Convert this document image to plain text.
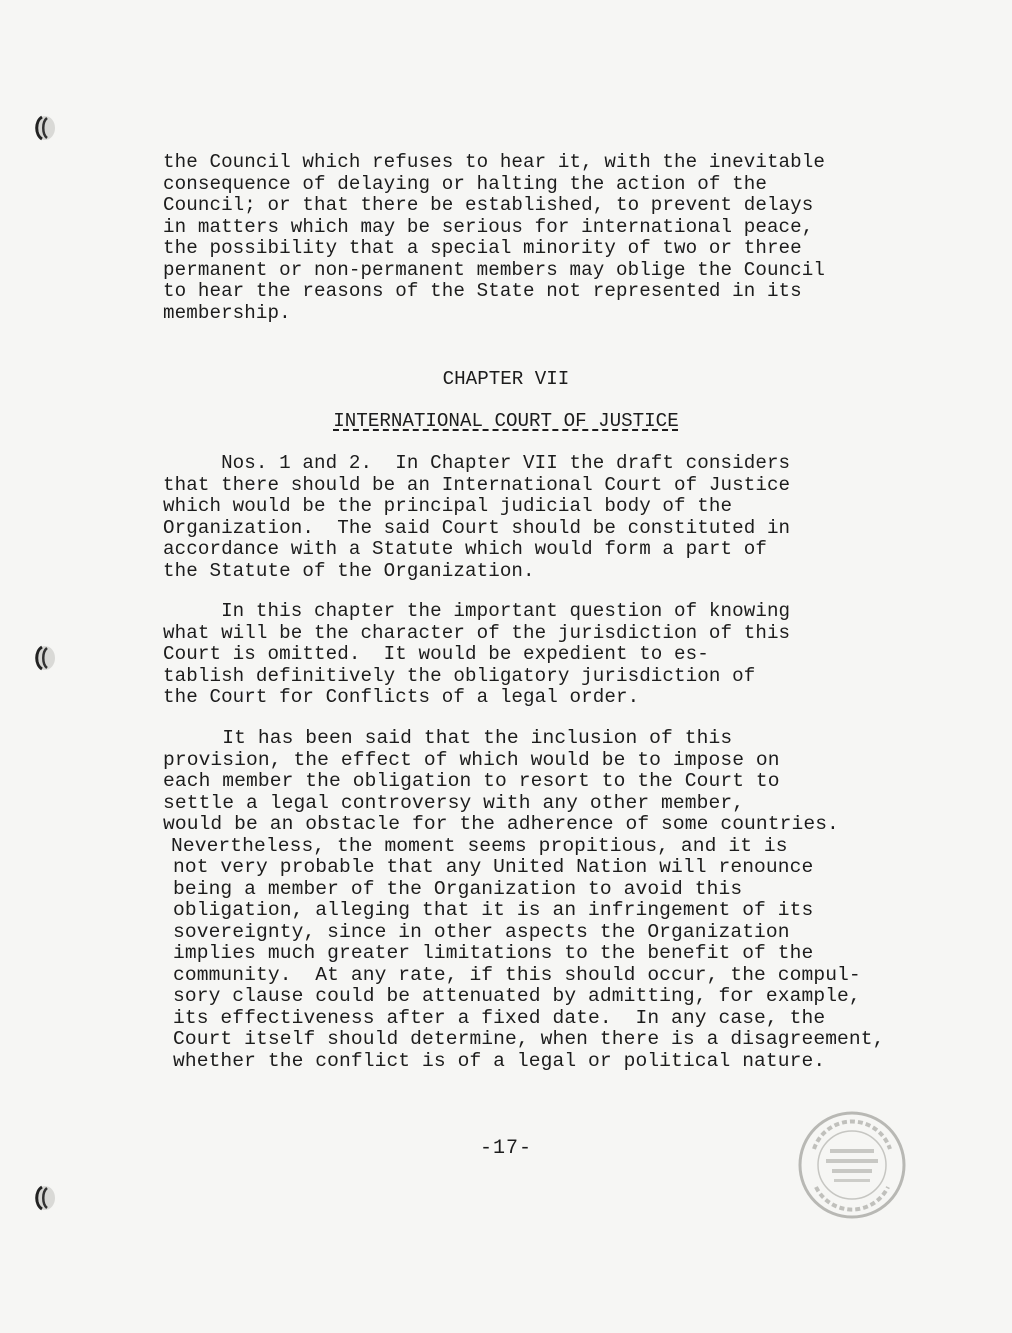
the Council which refuses to hear it, with the inevitable
consequence of delaying or halting the action of the
Council; or that there be established, to prevent delays
in matters which may be serious for international peace,
the possibility that a special minority of two or three
permanent or non-permanent members may oblige the Council
to hear the reasons of the State not represented in its
membership.
CHAPTER VII
INTERNATIONAL COURT OF JUSTICE
Nos. 1 and 2.  In Chapter VII the draft considers
that there should be an International Court of Justice
which would be the principal judicial body of the
Organization.  The said Court should be constituted in
accordance with a Statute which would form a part of
the Statute of the Organization.
In this chapter the important question of knowing
what will be the character of the jurisdiction of this
Court is omitted.  It would be expedient to es-
tablish definitively the obligatory jurisdiction of
the Court for Conflicts of a legal order.
It has been said that the inclusion of this
provision, the effect of which would be to impose on
each member the obligation to resort to the Court to
settle a legal controversy with any other member,
would be an obstacle for the adherence of some countries.
Nevertheless, the moment seems propitious, and it is
not very probable that any United Nation will renounce
being a member of the Organization to avoid this
obligation, alleging that it is an infringement of its
sovereignty, since in other aspects the Organization
implies much greater limitations to the benefit of the
community.  At any rate, if this should occur, the compul-
sory clause could be attenuated by admitting, for example,
its effectiveness after a fixed date.  In any case, the
Court itself should determine, when there is a disagreement,
whether the conflict is of a legal or political nature.
-17-
